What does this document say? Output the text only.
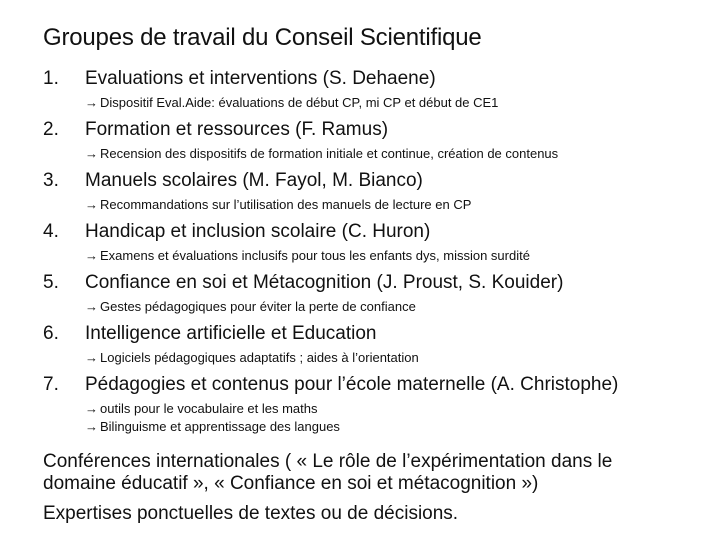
Groupes de travail du Conseil Scientifique
1. Evaluations et interventions (S. Dehaene)
→ Dispositif Eval.Aide: évaluations de début CP, mi CP et début de CE1
2. Formation et ressources (F. Ramus)
→ Recension des dispositifs de formation initiale et continue, création de contenus
3. Manuels scolaires (M. Fayol, M. Bianco)
→ Recommandations sur l’utilisation des manuels de lecture en CP
4. Handicap et inclusion scolaire (C. Huron)
→ Examens et évaluations inclusifs pour tous les enfants dys, mission surdité
5. Confiance en soi et Métacognition (J. Proust, S. Kouider)
→ Gestes pédagogiques pour éviter la perte de confiance
6. Intelligence artificielle et Education
→ Logiciels pédagogiques adaptatifs ; aides à l’orientation
7. Pédagogies et contenus pour l’école maternelle (A. Christophe)
→ outils pour le vocabulaire et les maths
→ Bilinguisme et apprentissage des langues
Conférences internationales ( « Le rôle de l’expérimentation dans le domaine éducatif », « Confiance en soi et métacognition »)
Expertises ponctuelles de textes ou de décisions.
